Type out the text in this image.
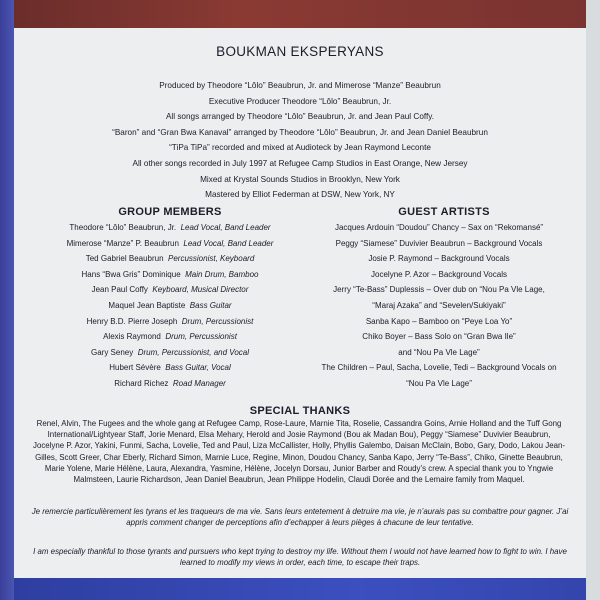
BOUKMAN EKSPERYANS
Produced by Theodore “Lôlo” Beaubrun, Jr. and Mimerose “Manze” Beaubrun
Executive Producer Theodore “Lôlo” Beaubrun, Jr.
All songs arranged by Theodore “Lôlo” Beaubrun, Jr. and Jean Paul Coffy.
“Baron” and “Gran Bwa Kanaval” arranged by Theodore “Lôlo” Beaubrun, Jr. and Jean Daniel Beaubrun
“TiPa TiPa” recorded and mixed at Audioteck by Jean Raymond Leconte
All other songs recorded in July 1997 at Refugee Camp Studios in East Orange, New Jersey
Mixed at Krystal Sounds Studios in Brooklyn, New York
Mastered by Elliot Federman at DSW, New York, NY
GROUP MEMBERS
Theodore “Lôlo” Beaubrun, Jr. Lead Vocal, Band Leader
Mimerose “Manze” P. Beaubrun Lead Vocal, Band Leader
Ted Gabriel Beaubrun Percussionist, Keyboard
Hans “Bwa Gris” Dominique Main Drum, Bamboo
Jean Paul Coffy Keyboard, Musical Director
Maquel Jean Baptiste Bass Guitar
Henry B.D. Pierre Joseph Drum, Percussionist
Alexis Raymond Drum, Percussionist
Gary Seney Drum, Percussionist, and Vocal
Hubert Sévère Bass Guitar, Vocal
Richard Richez Road Manager
GUEST ARTISTS
Jacques Ardouin “Doudou” Chancy – Sax on “Rekomansé”
Peggy “Siamese” Duvivier Beaubrun – Background Vocals
Josie P. Raymond – Background Vocals
Jocelyne P. Azor – Background Vocals
Jerry “Te-Bass” Duplessis – Over dub on “Nou Pa Vle Lage,
“Maraj Azaka” and “Sevelen/Sukiyaki”
Sanba Kapo – Bamboo on “Peye Loa Yo”
Chiko Boyer – Bass Solo on “Gran Bwa Ile”
and “Nou Pa Vle Lage”
The Children – Paul, Sacha, Lovelie, Tedi – Background Vocals on
“Nou Pa Vle Lage”
SPECIAL THANKS
Renel, Alvin, The Fugees and the whole gang at Refugee Camp, Rose-Laure, Marnie Tita, Roselie, Cassandra Goins, Arnie Holland and the Tuff Gong International/Lightyear Staff, Jorie Menard, Elsa Mehary, Herold and Josie Raymond (Bou ak Madan Bou), Peggy “Siamese” Duvivier Beaubrun, Jocelyne P. Azor, Yakini, Funmi, Sacha, Lovelie, Ted and Paul, Liza McCallister, Holly, Phyllis Galembo, Daisan McClain, Bobo, Gary, Dodo, Lakou Jean-Gilles, Scott Greer, Char Eberly, Richard Simon, Marnie Luce, Regine, Minon, Doudou Chancy, Sanba Kapo, Jerry “Te-Bass”, Chiko, Ginette Beaubrun, Marie Yolene, Marie Hélène, Laura, Alexandra, Yasmine, Hélène, Jocelyn Dorsau, Junior Barber and Roudy’s crew. A special thank you to Yngwie Malmsteen, Laurie Richardson, Jean Daniel Beaubrun, Jean Philippe Hodelin, Claudi Dorée and the Lemaire family from Maquel.
Je remercie particulièrement les tyrans et les traqueurs de ma vie. Sans leurs entetement à detruire ma vie, je n’aurais pas su combattre pour gagner. J’ai appris comment changer de perceptions afin d’echapper à leurs pièges à chacune de leur tentative.
I am especially thankful to those tyrants and pursuers who kept trying to destroy my life. Without them I would not have learned how to fight to win. I have learned to modify my views in order, each time, to escape their traps.
